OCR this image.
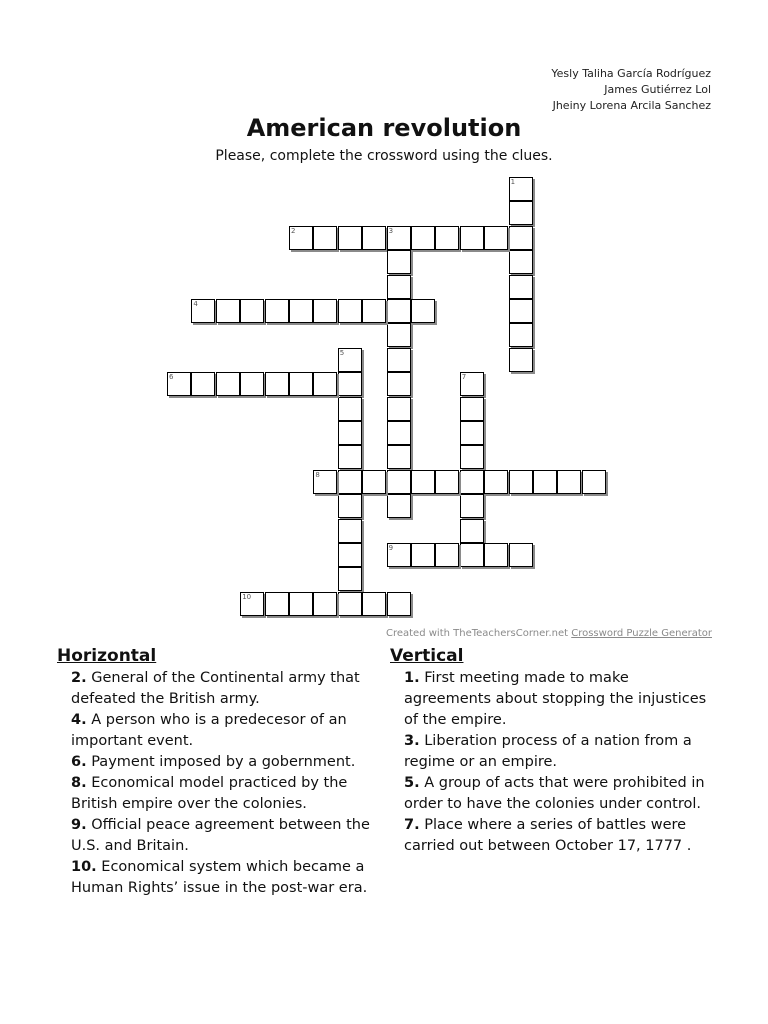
Yesly Taliha García Rodríguez
James Gutiérrez Lol
Jheiny Lorena Arcila Sanchez
American revolution
Please, complete the crossword using the clues.
1
2	3
4
5
6	7
8
9
10
Created with TheTeachersCorner.net Crossword Puzzle Generator
Horizontal
2. General of the Continental army that defeated the British army.
4. A person who is a predecesor of an important event.
6. Payment imposed by a gobernment.
8. Economical model practiced by the British empire over the colonies.
9. Official peace agreement between the U.S. and Britain.
10. Economical system which became a Human Rights’ issue in the post-war era.
Vertical
1. First meeting made to make agreements about stopping the injustices of the empire.
3. Liberation process of a nation from a regime or an empire.
5. A group of acts that were prohibited in order to have the colonies under control.
7. Place where a series of battles were carried out between October 17, 1777 .
